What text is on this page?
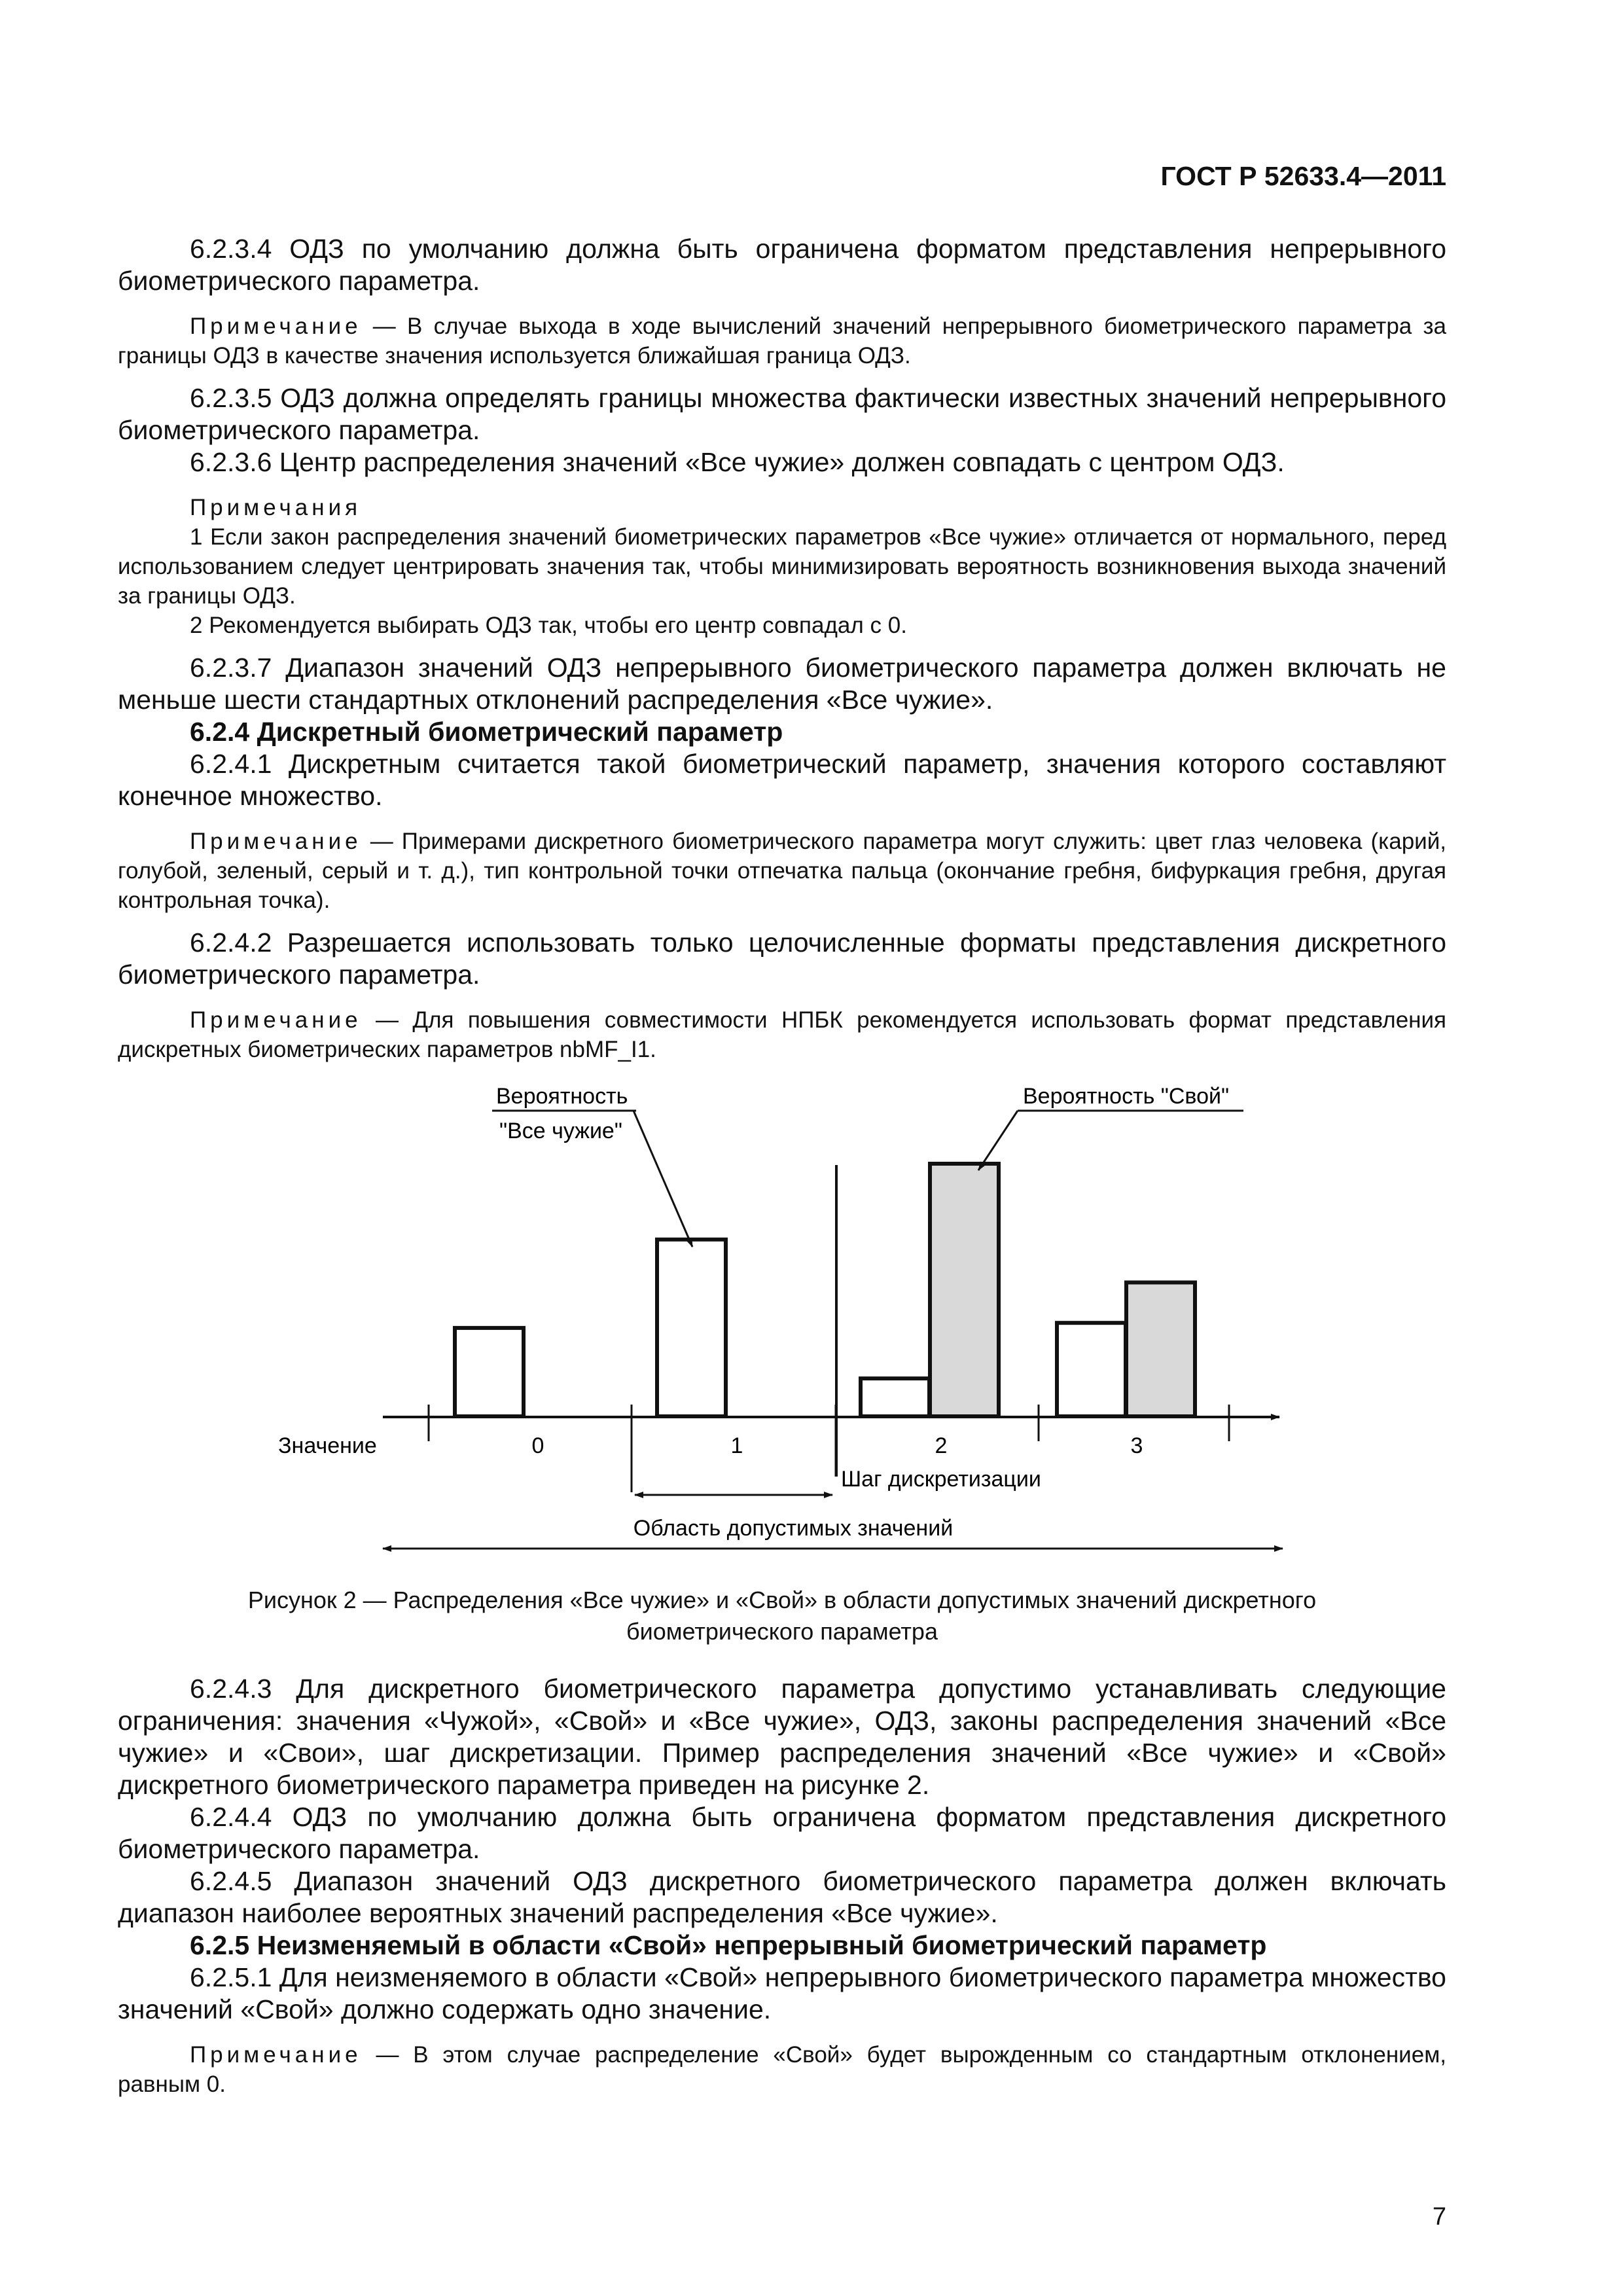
ГОСТ Р 52633.4—2011

6.2.3.4 ОДЗ по умолчанию должна быть ограничена форматом представления непрерывного биометрического параметра.

Примечание — В случае выхода в ходе вычислений значений непрерывного биометрического параметра за границы ОДЗ в качестве значения используется ближайшая граница ОДЗ.

6.2.3.5 ОДЗ должна определять границы множества фактически известных значений непрерывного биометрического параметра.

6.2.3.6 Центр распределения значений «Все чужие» должен совпадать с центром ОДЗ.

Примечания

1 Если закон распределения значений биометрических параметров «Все чужие» отличается от нормального, перед использованием следует центрировать значения так, чтобы минимизировать вероятность возникновения выхода значений за границы ОДЗ.

2 Рекомендуется выбирать ОДЗ так, чтобы его центр совпадал с 0.

6.2.3.7 Диапазон значений ОДЗ непрерывного биометрического параметра должен включать не меньше шести стандартных отклонений распределения «Все чужие».

6.2.4 Дискретный биометрический параметр

6.2.4.1 Дискретным считается такой биометрический параметр, значения которого составляют конечное множество.

Примечание — Примерами дискретного биометрического параметра могут служить: цвет глаз человека (карий, голубой, зеленый, серый и т. д.), тип контрольной точки отпечатка пальца (окончание гребня, бифуркация гребня, другая контрольная точка).

6.2.4.2 Разрешается использовать только целочисленные форматы представления дискретного биометрического параметра.

Примечание — Для повышения совместимости НПБК рекомендуется использовать формат представления дискретных биометрических параметров nbMF_I1.

Значение	0	1	2	3
Шаг дискретизации
Область допустимых значений
Вероятность
"Все чужие"
Вероятность "Свой"
Рисунок 2 — Распределения «Все чужие» и «Свой» в области допустимых значений дискретного
биометрического параметра

6.2.4.3 Для дискретного биометрического параметра допустимо устанавливать следующие ограничения: значения «Чужой», «Свой» и «Все чужие», ОДЗ, законы распределения значений «Все чужие» и «Свои», шаг дискретизации. Пример распределения значений «Все чужие» и «Свой» дискретного биометрического параметра приведен на рисунке 2.

6.2.4.4 ОДЗ по умолчанию должна быть ограничена форматом представления дискретного биометрического параметра.

6.2.4.5 Диапазон значений ОДЗ дискретного биометрического параметра должен включать диапазон наиболее вероятных значений распределения «Все чужие».

6.2.5 Неизменяемый в области «Свой» непрерывный биометрический параметр

6.2.5.1 Для неизменяемого в области «Свой» непрерывного биометрического параметра множество значений «Свой» должно содержать одно значение.

Примечание — В этом случае распределение «Свой» будет вырожденным со стандартным отклонением, равным 0.

7
